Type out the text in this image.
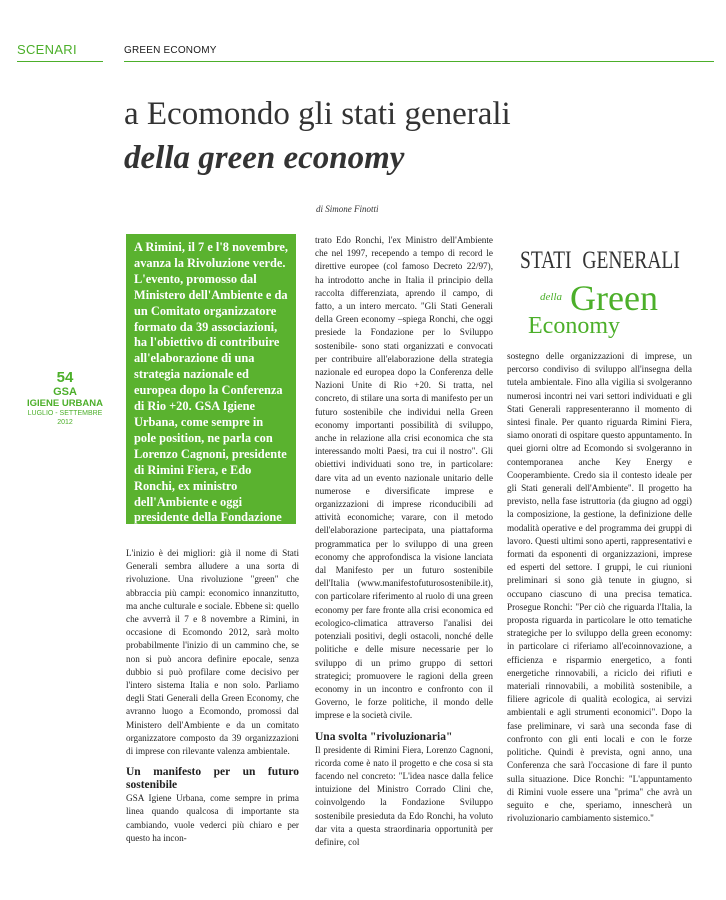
SCENARI	GREEN ECONOMY
a Ecomondo gli stati generali
della green economy
di Simone Finotti
A Rimini, il 7 e l'8 novembre, avanza la Rivoluzione verde. L'evento, promosso dal Ministero dell'Ambiente e da un Comitato organizzatore formato da 39 associazioni, ha l'obiettivo di contribuire all'elaborazione di una strategia nazionale ed europea dopo la Conferenza di Rio +20. GSA Igiene Urbana, come sempre in pole position, ne parla con Lorenzo Cagnoni, presidente di Rimini Fiera, e Edo Ronchi, ex ministro dell'Ambiente e oggi presidente della Fondazione per lo Sviluppo Sostenibile.
54
GSA
IGIENE URBANA
LUGLIO - SETTEMBRE 2012
STATI GENERALI
della Green
Economy

L'inizio è dei migliori: già il nome di Stati Generali sembra alludere a una sorta di rivoluzione. Una rivoluzione "green" che abbraccia più campi: economico innanzitutto, ma anche culturale e sociale. Ebbene sì: quello che avverrà il 7 e 8 novembre a Rimini, in occasione di Ecomondo 2012, sarà molto probabilmente l'inizio di un cammino che, se non si può ancora definire epocale, senza dubbio si può profilare come decisivo per l'intero sistema Italia e non solo. Parliamo degli Stati Generali della Green Economy, che avranno luogo a Ecomondo, promossi dal Ministero dell'Ambiente e da un comitato organizzatore composto da 39 organizzazioni di imprese con rilevante valenza ambientale.

Un manifesto per un futuro sostenibile

GSA Igiene Urbana, come sempre in prima linea quando qualcosa di importante sta cambiando, vuole vederci più chiaro e per questo ha incon-

trato Edo Ronchi, l'ex Ministro dell'Ambiente che nel 1997, recependo a tempo di record le direttive europee (col famoso Decreto 22/97), ha introdotto anche in Italia il principio della raccolta differenziata, aprendo il campo, di fatto, a un intero mercato. "Gli Stati Generali della Green economy –spiega Ronchi, che oggi presiede la Fondazione per lo Sviluppo sostenibile- sono stati organizzati e convocati per contribuire all'elaborazione della strategia nazionale ed europea dopo la Conferenza delle Nazioni Unite di Rio +20. Si tratta, nel concreto, di stilare una sorta di manifesto per un futuro sostenibile che individui nella Green economy importanti possibilità di sviluppo, anche in relazione alla crisi economica che sta interessando molti Paesi, tra cui il nostro". Gli obiettivi individuati sono tre, in particolare: dare vita ad un evento nazionale unitario delle numerose e diversificate imprese e organizzazioni di imprese riconducibili ad attività economiche; varare, con il metodo dell'elaborazione partecipata, una piattaforma programmatica per lo sviluppo di una green economy che approfondisca la visione lanciata dal Manifesto per un futuro sostenibile dell'Italia (www.manifestofuturosostenibile.it), con particolare riferimento al ruolo di una green economy per fare fronte alla crisi economica ed ecologico-climatica attraverso l'analisi dei potenziali positivi, degli ostacoli, nonché delle politiche e delle misure necessarie per lo sviluppo di un primo gruppo di settori strategici; promuovere le ragioni della green economy in un incontro e confronto con il Governo, le forze politiche, il mondo delle imprese e la società civile.

Una svolta "rivoluzionaria"

Il presidente di Rimini Fiera, Lorenzo Cagnoni, ricorda come è nato il progetto e che cosa si sta facendo nel concreto: "L'idea nasce dalla felice intuizione del Ministro Corrado Clini che, coinvolgendo la Fondazione Sviluppo sostenibile presieduta da Edo Ronchi, ha voluto dar vita a questa straordinaria opportunità per definire, col

sostegno delle organizzazioni di imprese, un percorso condiviso di sviluppo all'insegna della tutela ambientale. Fino alla vigilia si svolgeranno numerosi incontri nei vari settori individuati e gli Stati Generali rappresenteranno il momento di sintesi finale. Per quanto riguarda Rimini Fiera, siamo onorati di ospitare questo appuntamento. In quei giorni oltre ad Ecomondo si svolgeranno in contemporanea anche Key Energy e Cooperambiente. Credo sia il contesto ideale per gli Stati generali dell'Ambiente". Il progetto ha previsto, nella fase istruttoria (da giugno ad oggi) la composizione, la gestione, la definizione delle modalità operative e del programma dei gruppi di lavoro. Questi ultimi sono aperti, rappresentativi e formati da esponenti di organizzazioni, imprese ed esperti del settore. I gruppi, le cui riunioni preliminari si sono già tenute in giugno, si occupano ciascuno di una precisa tematica. Prosegue Ronchi: "Per ciò che riguarda l'Italia, la proposta riguarda in particolare le otto tematiche strategiche per lo sviluppo della green economy: in particolare ci riferiamo all'ecoinnovazione, a efficienza e risparmio energetico, a fonti energetiche rinnovabili, a riciclo dei rifiuti e materiali rinnovabili, a mobilità sostenibile, a filiere agricole di qualità ecologica, ai servizi ambientali e agli strumenti economici". Dopo la fase preliminare, vi sarà una seconda fase di confronto con gli enti locali e con le forze politiche. Quindi è prevista, ogni anno, una Conferenza che sarà l'occasione di fare il punto sulla situazione. Dice Ronchi: "L'appuntamento di Rimini vuole essere una "prima" che avrà un seguito e che, speriamo, innescherà un rivoluzionario cambiamento sistemico."
